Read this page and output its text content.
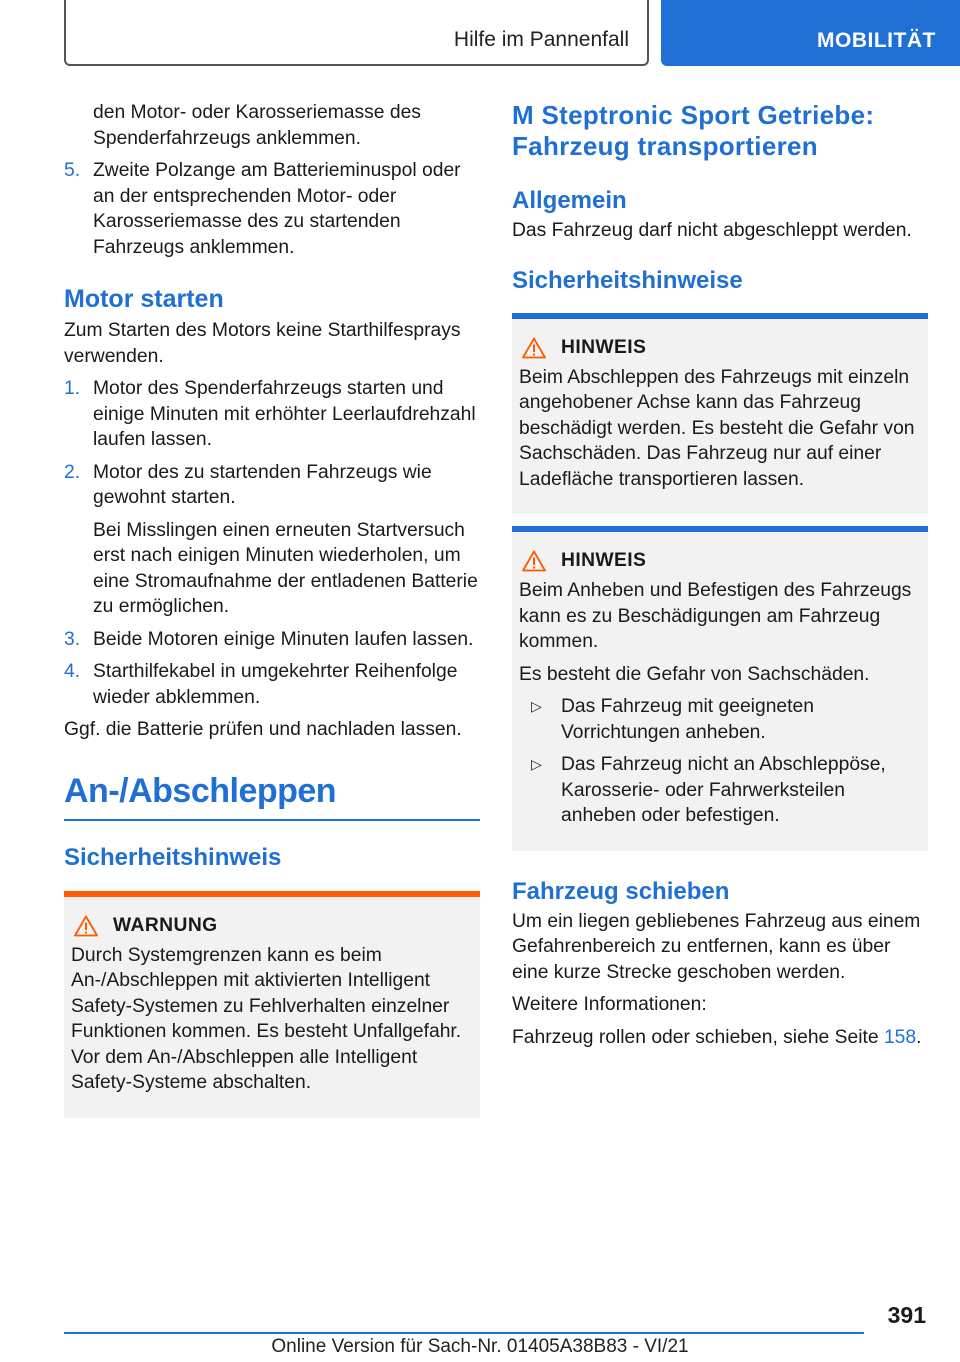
Hilfe im Pannenfall	MOBILITÄT
den Motor- oder Karosseriemasse des Spenderfahrzeugs anklemmen.
5. Zweite Polzange am Batterieminuspol oder an der entsprechenden Motor- oder Karosseriemasse des zu startenden Fahrzeugs anklemmen.
Motor starten

Zum Starten des Motors keine Starthilfesprays verwenden.

1. Motor des Spenderfahrzeugs starten und einige Minuten mit erhöhter Leerlaufdrehzahl laufen lassen.
2. Motor des zu startenden Fahrzeugs wie gewohnt starten.

Bei Misslingen einen erneuten Startversuch erst nach einigen Minuten wiederholen, um eine Stromaufnahme der entladenen Batterie zu ermöglichen.

3. Beide Motoren einige Minuten laufen lassen.
4. Starthilfekabel in umgekehrter Reihenfolge wieder abklemmen.

Ggf. die Batterie prüfen und nachladen lassen.

An-/Abschleppen
Sicherheitshinweis
WARNUNG

Durch Systemgrenzen kann es beim An-/Abschleppen mit aktivierten Intelligent Safety-Systemen zu Fehlverhalten einzelner Funktionen kommen. Es besteht Unfallgefahr. Vor dem An-/Abschleppen alle Intelligent Safety-Systeme abschalten.

M Steptronic Sport Getriebe: Fahrzeug transportieren
Allgemein

Das Fahrzeug darf nicht abgeschleppt werden.

Sicherheitshinweise
HINWEIS

Beim Abschleppen des Fahrzeugs mit einzeln angehobener Achse kann das Fahrzeug beschädigt werden. Es besteht die Gefahr von Sachschäden. Das Fahrzeug nur auf einer Ladefläche transportieren lassen.

HINWEIS

Beim Anheben und Befestigen des Fahrzeugs kann es zu Beschädigungen am Fahrzeug kommen.

Es besteht die Gefahr von Sachschäden.

▷ Das Fahrzeug mit geeigneten Vorrichtungen anheben.
▷ Das Fahrzeug nicht an Abschleppöse, Karosserie- oder Fahrwerksteilen anheben oder befestigen.
Fahrzeug schieben

Um ein liegen gebliebenes Fahrzeug aus einem Gefahrenbereich zu entfernen, kann es über eine kurze Strecke geschoben werden.

Weitere Informationen:

Fahrzeug rollen oder schieben, siehe Seite 158.

391
Online Version für Sach-Nr. 01405A38B83 - VI/21
